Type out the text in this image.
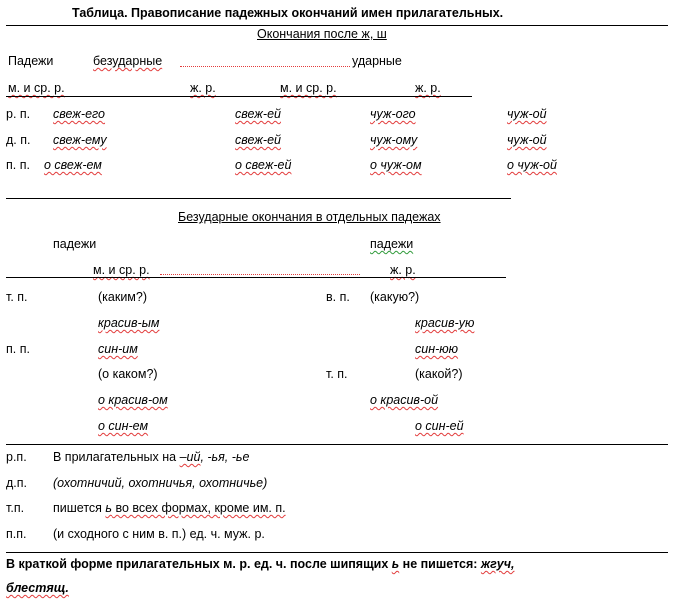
Таблица. Правописание падежных окончаний имен прилагательных.
Окончания после ж, ш
Падежи	безударные	ударные
м. и ср. р.	ж. р.	м. и ср. р.	ж. р.
р. п. свеж-его	свеж-ей	чуж-ого	чуж-ой
д. п. свеж-ему	свеж-ей	чуж-ому	чуж-ой
п. п. о свеж-ем	о свеж-ей	о чуж-ом	о чуж-ой
Безударные окончания в отдельных падежах
падежи	падежи
м. и ср. р.	ж. р.
т. п.	(каким?)	в. п. (какую?)
красив-ым	красив-ую
п. п.	син-им	син-юю
(о каком?)	т. п.	(какой?)
о красив-ом	о красив-ой
о син-ем	о син-ей
р.п. В прилагательных на –ий, -ья, -ье
д.п. (охотничий, охотничья, охотничье)
т.п. пишется ь во всех формах, кроме им. п.
п.п. (и сходного с ним в. п.) ед. ч. муж. р.
В краткой форме прилагательных м. р. ед. ч. после шипящих ь не пишется: жгуч,
блестящ.
